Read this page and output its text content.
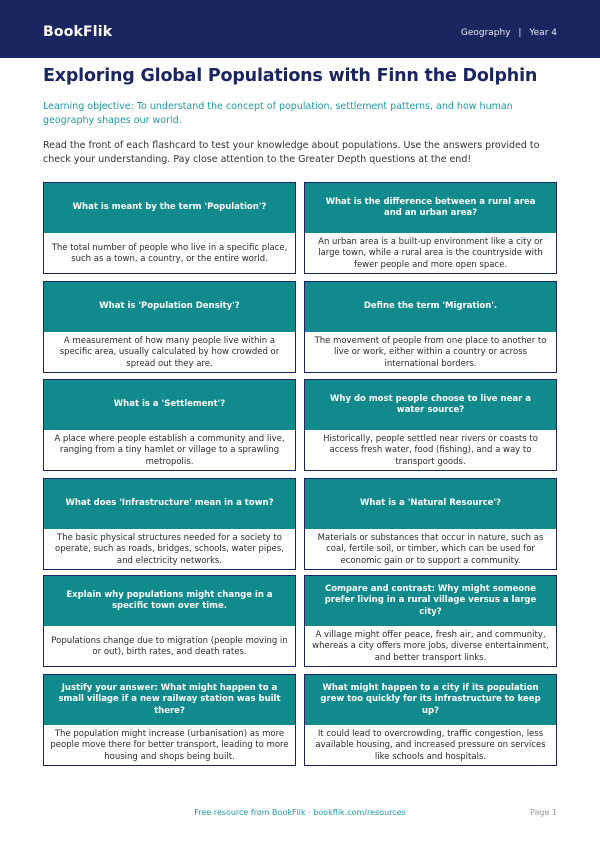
BookFlik	Geography | Year 4
Exploring Global Populations with Finn the Dolphin

Learning objective: To understand the concept of population, settlement patterns, and how human geography shapes our world.

Read the front of each flashcard to test your knowledge about populations. Use the answers provided to check your understanding. Pay close attention to the Greater Depth questions at the end!

What is meant by the term 'Population'?
The total number of people who live in a specific place, such as a town, a country, or the entire world.
What is the difference between a rural area and an urban area?
An urban area is a built-up environment like a city or large town, while a rural area is the countryside with fewer people and more open space.
What is 'Population Density'?
A measurement of how many people live within a specific area, usually calculated by how crowded or spread out they are.
Define the term 'Migration'.
The movement of people from one place to another to live or work, either within a country or across international borders.
What is a 'Settlement'?
A place where people establish a community and live, ranging from a tiny hamlet or village to a sprawling metropolis.
Why do most people choose to live near a water source?
Historically, people settled near rivers or coasts to access fresh water, food (fishing), and a way to transport goods.
What does 'Infrastructure' mean in a town?
The basic physical structures needed for a society to operate, such as roads, bridges, schools, water pipes, and electricity networks.
What is a 'Natural Resource'?
Materials or substances that occur in nature, such as coal, fertile soil, or timber, which can be used for economic gain or to support a community.
Explain why populations might change in a specific town over time.
Populations change due to migration (people moving in or out), birth rates, and death rates.
Compare and contrast: Why might someone prefer living in a rural village versus a large city?
A village might offer peace, fresh air, and community, whereas a city offers more jobs, diverse entertainment, and better transport links.
Justify your answer: What might happen to a small village if a new railway station was built there?
The population might increase (urbanisation) as more people move there for better transport, leading to more housing and shops being built.
What might happen to a city if its population grew too quickly for its infrastructure to keep up?
It could lead to overcrowding, traffic congestion, less available housing, and increased pressure on services like schools and hospitals.
Free resource from BookFlik · bookflik.com/resources	Page 1
